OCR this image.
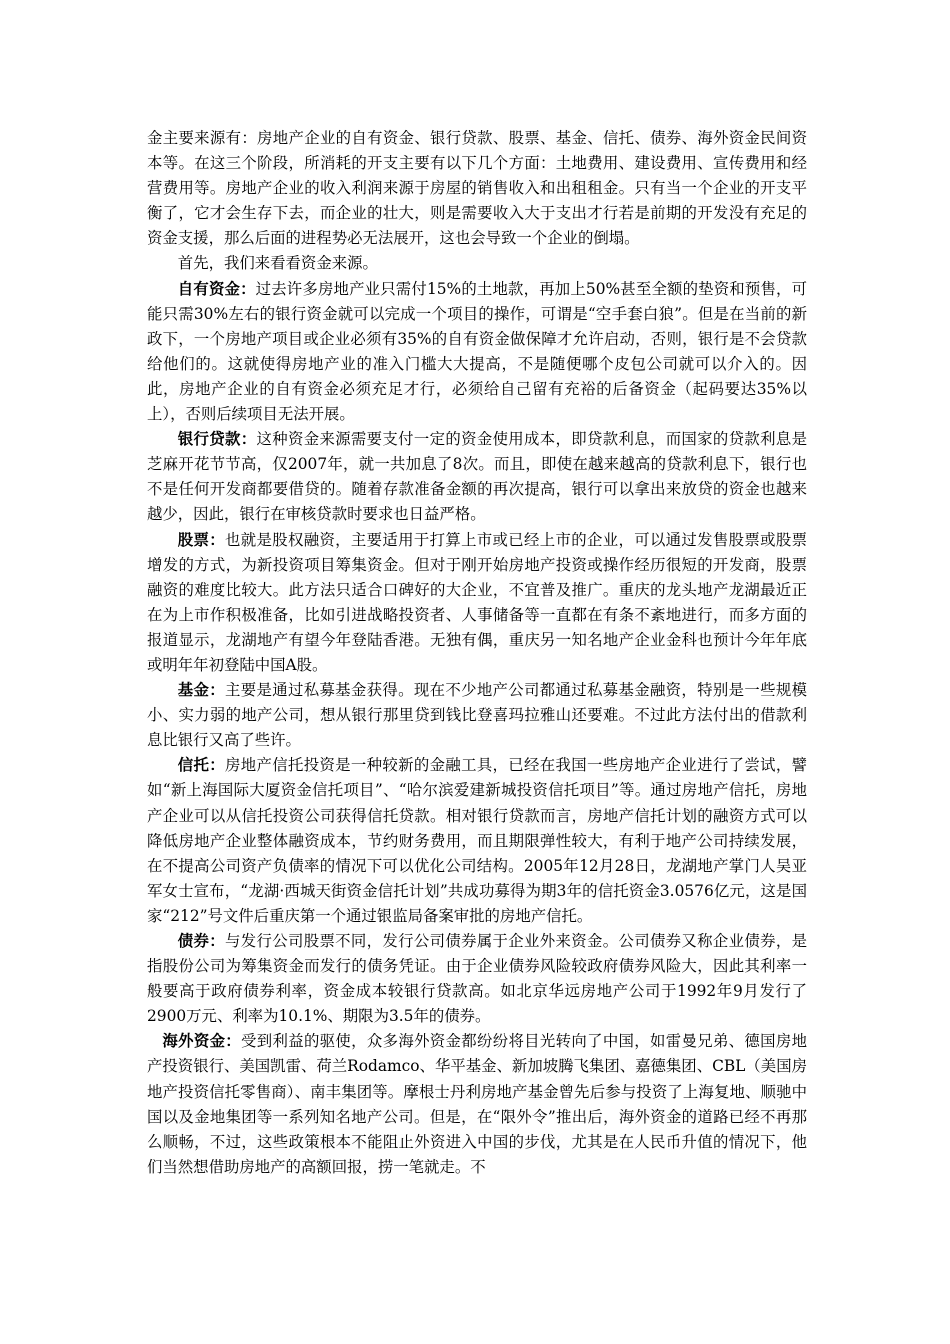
金主要来源有：房地产企业的自有资金、银行贷款、股票、基金、信托、债券、海外资金民间资本等。在这三个阶段，所消耗的开支主要有以下几个方面：土地费用、建设费用、宣传费用和经营费用等。房地产企业的收入利润来源于房屋的销售收入和出租租金。只有当一个企业的开支平衡了，它才会生存下去，而企业的壮大，则是需要收入大于支出才行若是前期的开发没有充足的资金支援，那么后面的进程势必无法展开，这也会导致一个企业的倒塌。

首先，我们来看看资金来源。

自有资金：过去许多房地产业只需付15%的土地款，再加上50%甚至全额的垫资和预售，可能只需30%左右的银行资金就可以完成一个项目的操作，可谓是“空手套白狼”。但是在当前的新政下，一个房地产项目或企业必须有35%的自有资金做保障才允许启动，否则，银行是不会贷款给他们的。这就使得房地产业的准入门槛大大提高，不是随便哪个皮包公司就可以介入的。因此，房地产企业的自有资金必须充足才行，必须给自己留有充裕的后备资金（起码要达35%以上），否则后续项目无法开展。

银行贷款：这种资金来源需要支付一定的资金使用成本，即贷款利息，而国家的贷款利息是芝麻开花节节高，仅2007年，就一共加息了8次。而且，即使在越来越高的贷款利息下，银行也不是任何开发商都要借贷的。随着存款准备金额的再次提高，银行可以拿出来放贷的资金也越来越少，因此，银行在审核贷款时要求也日益严格。

股票：也就是股权融资，主要适用于打算上市或已经上市的企业，可以通过发售股票或股票增发的方式，为新投资项目筹集资金。但对于刚开始房地产投资或操作经历很短的开发商，股票融资的难度比较大。此方法只适合口碑好的大企业，不宜普及推广。重庆的龙头地产龙湖最近正在为上市作积极准备，比如引进战略投资者、人事储备等一直都在有条不紊地进行，而多方面的报道显示，龙湖地产有望今年登陆香港。无独有偶，重庆另一知名地产企业金科也预计今年年底或明年年初登陆中国A股。

基金：主要是通过私募基金获得。现在不少地产公司都通过私募基金融资，特别是一些规模小、实力弱的地产公司，想从银行那里贷到钱比登喜玛拉雅山还要难。不过此方法付出的借款利息比银行又高了些许。

信托：房地产信托投资是一种较新的金融工具，已经在我国一些房地产企业进行了尝试，譬如“新上海国际大厦资金信托项目”、“哈尔滨爱建新城投资信托项目”等。通过房地产信托，房地产企业可以从信托投资公司获得信托贷款。相对银行贷款而言，房地产信托计划的融资方式可以降低房地产企业整体融资成本，节约财务费用，而且期限弹性较大，有利于地产公司持续发展，在不提高公司资产负债率的情况下可以优化公司结构。2005年12月28日，龙湖地产掌门人吴亚军女士宣布，“龙湖·西城天街资金信托计划”共成功募得为期3年的信托资金3.0576亿元，这是国家“212”号文件后重庆第一个通过银监局备案审批的房地产信托。

债券：与发行公司股票不同，发行公司债券属于企业外来资金。公司债券又称企业债券，是指股份公司为筹集资金而发行的债务凭证。由于企业债券风险较政府债券风险大，因此其利率一般要高于政府债券利率，资金成本较银行贷款高。如北京华远房地产公司于1992年9月发行了2900万元、利率为10.1%、期限为3.5年的债券。

海外资金：受到利益的驱使，众多海外资金都纷纷将目光转向了中国，如雷曼兄弟、德国房地产投资银行、美国凯雷、荷兰Rodamco、华平基金、新加坡腾飞集团、嘉德集团、CBL（美国房地产投资信托零售商）、南丰集团等。摩根士丹利房地产基金曾先后参与投资了上海复地、顺驰中国以及金地集团等一系列知名地产公司。但是，在“限外令”推出后，海外资金的道路已经不再那么顺畅，不过，这些政策根本不能阻止外资进入中国的步伐，尤其是在人民币升值的情况下，他们当然想借助房地产的高额回报，捞一笔就走。不
